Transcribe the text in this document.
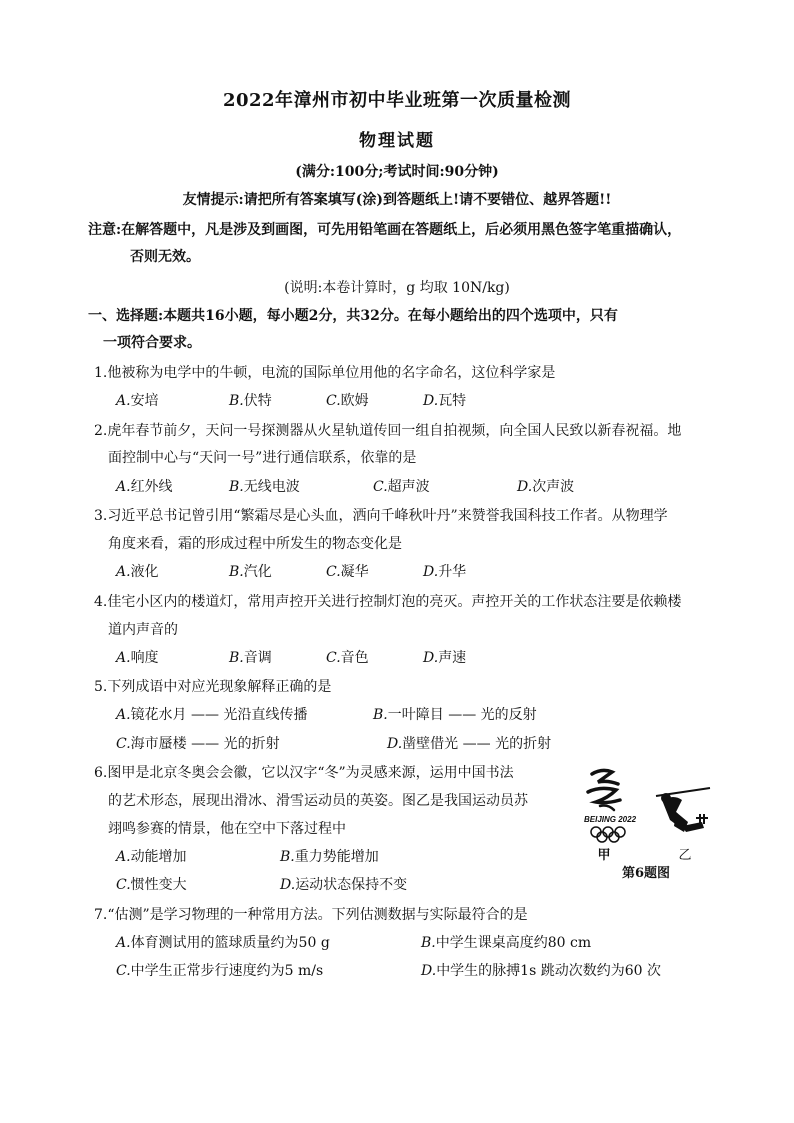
2022年漳州市初中毕业班第一次质量检测
物理试题
(满分:100分;考试时间:90分钟)
友情提示:请把所有答案填写(涂)到答题纸上!请不要错位、越界答题!!
注意:在解答题中，凡是涉及到画图，可先用铅笔画在答题纸上，后必须用黑色签字笔重描确认，
否则无效。
(说明:本卷计算时，g 均取 10N/kg)
一、选择题:本题共16小题，每小题2分，共32分。在每小题给出的四个选项中，只有
一项符合要求。
1.他被称为电学中的牛顿，电流的国际单位用他的名字命名，这位科学家是
A.安培	B.伏特	C.欧姆	D.瓦特
2.虎年春节前夕，天问一号探测器从火星轨道传回一组自拍视频，向全国人民致以新春祝福。地
面控制中心与“天问一号”进行通信联系，依靠的是
A.红外线	B.无线电波	C.超声波	D.次声波
3.习近平总书记曾引用“繁霜尽是心头血，洒向千峰秋叶丹”来赞誉我国科技工作者。从物理学
角度来看，霜的形成过程中所发生的物态变化是
A.液化	B.汽化	C.凝华	D.升华
4.佳宅小区内的楼道灯，常用声控开关进行控制灯泡的亮灭。声控开关的工作状态注要是依赖楼
道内声音的
A.响度	B.音调	C.音色	D.声速
5.下列成语中对应光现象解释正确的是
A.镜花水月 —— 光沿直线传播	B.一叶障目 —— 光的反射
C.海市蜃楼 —— 光的折射	D.凿壁借光 —— 光的折射
6.图甲是北京冬奥会会徽，它以汉字“冬”为灵感来源，运用中国书法
的艺术形态，展现出滑冰、滑雪运动员的英姿。图乙是我国运动员苏
翊鸣参赛的情景，他在空中下落过程中
A.动能增加	B.重力势能增加
C.惯性变大	D.运动状态保持不变
BEIJING 2022
甲	乙
第6题图
7.“估测”是学习物理的一种常用方法。下列估测数据与实际最符合的是
A.体育测试用的篮球质量约为50 g	B.中学生课桌高度约80 cm
C.中学生正常步行速度约为5 m/s	D.中学生的脉搏1s 跳动次数约为60 次
